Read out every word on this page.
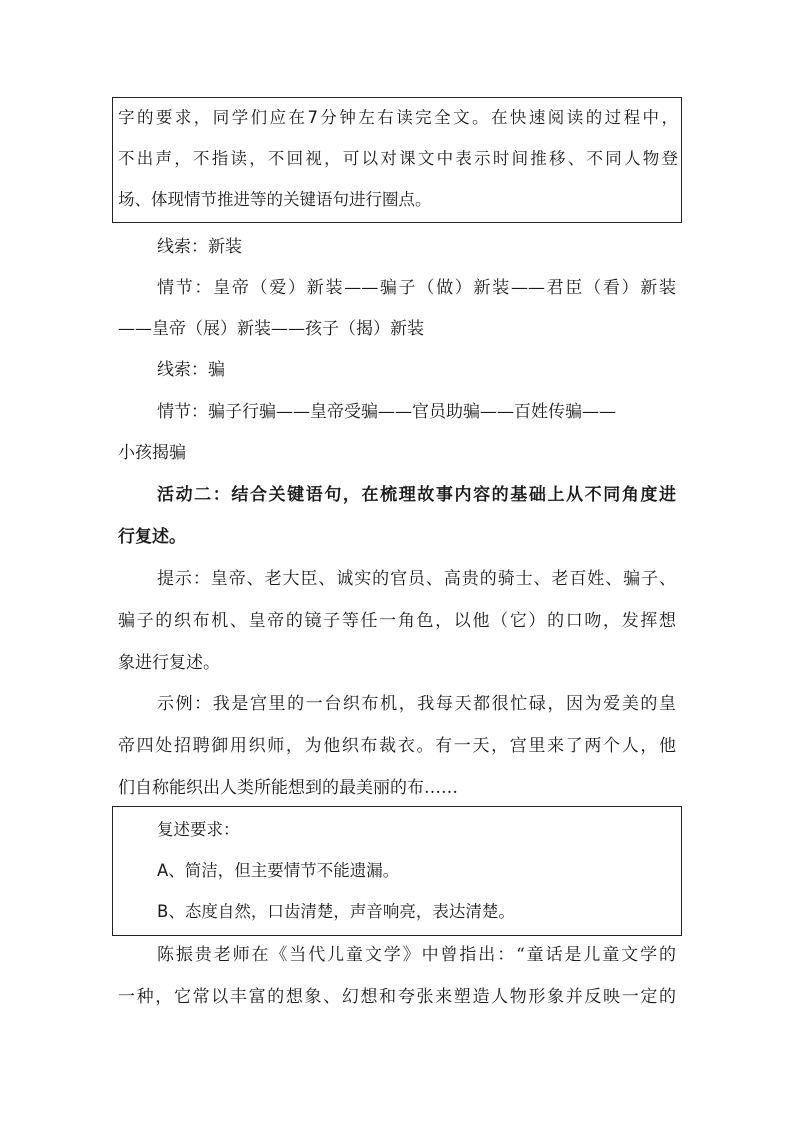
字的要求，同学们应在7分钟左右读完全文。在快速阅读的过程中，
不出声，不指读，不回视，可以对课文中表示时间推移、不同人物登
场、体现情节推进等的关键语句进行圈点。
线索：新装
情节：皇帝（爱）新装——骗子（做）新装——君臣（看）新装
——皇帝（展）新装——孩子（揭）新装
线索：骗
情节：骗子行骗——皇帝受骗——官员助骗——百姓传骗——
小孩揭骗
活动二：结合关键语句，在梳理故事内容的基础上从不同角度进
行复述。
提示：皇帝、老大臣、诚实的官员、高贵的骑士、老百姓、骗子、
骗子的织布机、皇帝的镜子等任一角色，以他（它）的口吻，发挥想
象进行复述。
示例：我是宫里的一台织布机，我每天都很忙碌，因为爱美的皇
帝四处招聘御用织师，为他织布裁衣。有一天，宫里来了两个人，他
们自称能织出人类所能想到的最美丽的布……
复述要求：
A、简洁，但主要情节不能遗漏。
B、态度自然，口齿清楚，声音响亮，表达清楚。
陈振贵老师在《当代儿童文学》中曾指出：“童话是儿童文学的
一种，它常以丰富的想象、幻想和夸张来塑造人物形象并反映一定的
